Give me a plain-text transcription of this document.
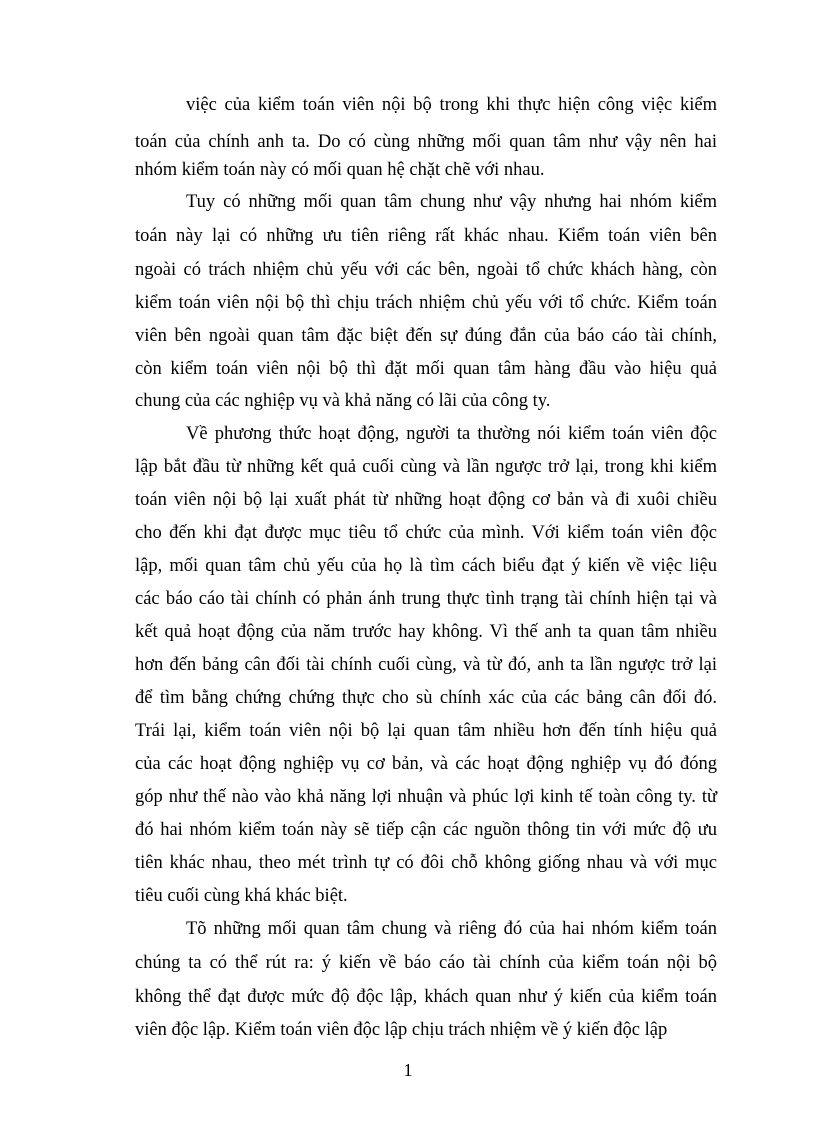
việc của kiểm toán viên nội bộ trong khi thực hiện công việc kiểm
toán của chính anh ta. Do có cùng những mối quan tâm như vậy nên hai
nhóm kiểm toán này có mối quan hệ chặt chẽ với nhau.
Tuy có những mối quan tâm chung như vậy nhưng hai nhóm kiểm
toán này lại có những ưu tiên riêng rất khác nhau. Kiểm toán viên bên
ngoài có trách nhiệm chủ yếu với các bên, ngoài tổ chức khách hàng, còn
kiểm toán viên nội bộ thì chịu trách nhiệm chủ yếu với tổ chức. Kiểm toán
viên bên ngoài quan tâm đặc biệt đến sự đúng đắn của báo cáo tài chính,
còn kiểm toán viên nội bộ thì đặt mối quan tâm hàng đầu vào hiệu quả
chung của các nghiệp vụ và khả năng có lãi của công ty.
Về phương thức hoạt động, người ta thường nói kiểm toán viên độc
lập bắt đầu từ những kết quả cuối cùng và lần ngược trở lại, trong khi kiểm
toán viên nội bộ lại xuất phát từ những hoạt động cơ bản và đi xuôi chiều
cho đến khi đạt được mục tiêu tổ chức của mình. Với kiểm toán viên độc
lập, mối quan tâm chủ yếu của họ là tìm cách biểu đạt ý kiến về việc liệu
các báo cáo tài chính có phản ánh trung thực tình trạng tài chính hiện tại và
kết quả hoạt động của năm trước hay không. Vì thế anh ta quan tâm nhiều
hơn đến bảng cân đối tài chính cuối cùng, và từ đó, anh ta lần ngược trở lại
để tìm bằng chứng chứng thực cho sù chính xác của các bảng cân đối đó.
Trái lại, kiểm toán viên nội bộ lại quan tâm nhiều hơn đến tính hiệu quả
của các hoạt động nghiệp vụ cơ bản, và các hoạt động nghiệp vụ đó đóng
góp như thế nào vào khả năng lợi nhuận và phúc lợi kinh tế toàn công ty. từ
đó hai nhóm kiểm toán này sẽ tiếp cận các nguồn thông tin với mức độ ưu
tiên khác nhau, theo mét trình tự có đôi chỗ không giống nhau và với mục
tiêu cuối cùng khá khác biệt.
Tõ những mối quan tâm chung và riêng đó của hai nhóm kiểm toán
chúng ta có thể rút ra: ý kiến về báo cáo tài chính của kiểm toán nội bộ
không thể đạt được mức độ độc lập, khách quan như ý kiến của kiểm toán
viên độc lập. Kiểm toán viên độc lập chịu trách nhiệm về ý kiến độc lập
1
